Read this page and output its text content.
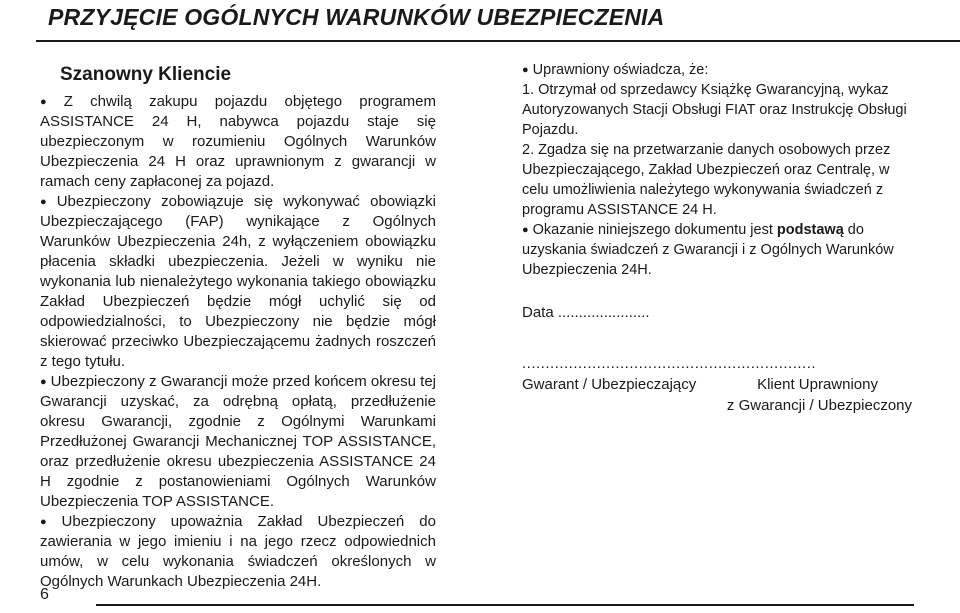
PRZYJĘCIE OGÓLNYCH WARUNKÓW UBEZPIECZENIA
Szanowny Kliencie

● Z chwilą zakupu pojazdu objętego programem ASSISTANCE 24 H, nabywca pojazdu staje się ubezpieczonym w rozumieniu Ogólnych Warunków Ubezpieczenia 24 H oraz uprawnionym z gwarancji w ramach ceny zapłaconej za pojazd.

● Ubezpieczony zobowiązuje się wykonywać obowiązki Ubezpieczającego (FAP) wynikające z Ogólnych Warunków Ubezpieczenia 24h, z wyłączeniem obowiązku płacenia składki ubezpieczenia. Jeżeli w wyniku nie wykonania lub nienależytego wykonania takiego obowiązku Zakład Ubezpieczeń będzie mógł uchylić się od odpowiedzialności, to Ubezpieczony nie będzie mógł skierować przeciwko Ubezpieczającemu żadnych roszczeń z tego tytułu.

● Ubezpieczony z Gwarancji może przed końcem okresu tej Gwarancji uzyskać, za odrębną opłatą, przedłużenie okresu Gwarancji, zgodnie z Ogólnymi Warunkami Przedłużonej Gwarancji Mechanicznej TOP ASSISTANCE, oraz przedłużenie okresu ubezpieczenia ASSISTANCE 24 H zgodnie z postanowieniami Ogólnych Warunków Ubezpieczenia TOP ASSISTANCE.

● Ubezpieczony upoważnia Zakład Ubezpieczeń do zawierania w jego imieniu i na jego rzecz odpowiednich umów, w celu wykonania świadczeń określonych w Ogólnych Warunkach Ubezpieczenia 24H.

● Uprawniony oświadcza, że:

1. Otrzymał od sprzedawcy Książkę Gwarancyjną, wykaz Autoryzowanych Stacji Obsługi FIAT oraz Instrukcję Obsługi Pojazdu.

2. Zgadza się na przetwarzanie danych osobowych przez Ubezpieczającego, Zakład Ubezpieczeń oraz Centralę, w celu umożliwienia należytego wykonywania świadczeń z programu ASSISTANCE 24 H.

● Okazanie niniejszego dokumentu jest podstawą do uzyskania świadczeń z Gwarancji i z Ogólnych Warunków Ubezpieczenia 24H.

Data ......................
...............................................................
Gwarant / Ubezpieczający	Klient Uprawniony
z Gwarancji / Ubezpieczony
6
